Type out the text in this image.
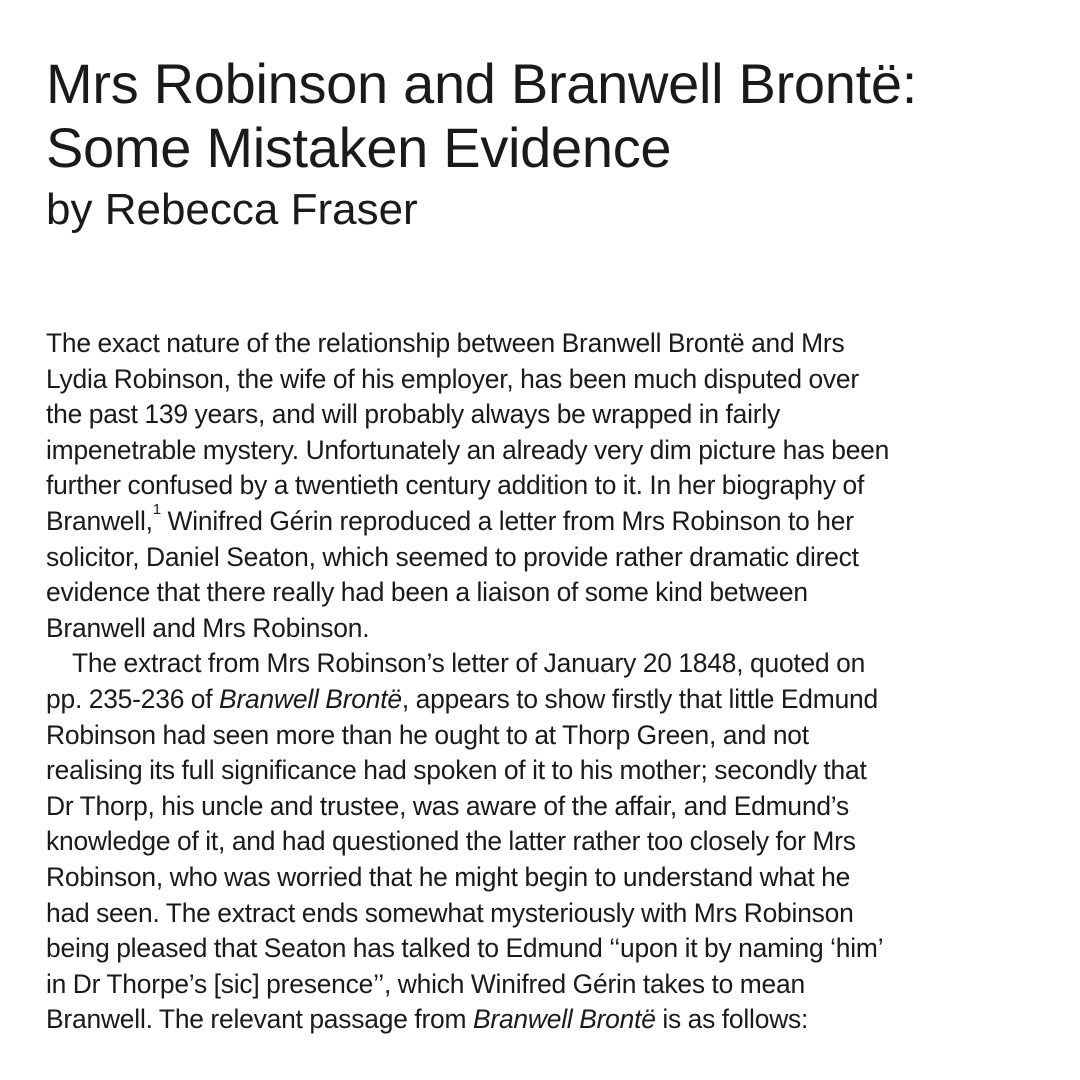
Mrs Robinson and Branwell Brontë:
Some Mistaken Evidence
by Rebecca Fraser
The exact nature of the relationship between Branwell Brontë and Mrs
Lydia Robinson, the wife of his employer, has been much disputed over
the past 139 years, and will probably always be wrapped in fairly
impenetrable mystery. Unfortunately an already very dim picture has been
further confused by a twentieth century addition to it. In her biography of
Branwell,$^1$ Winifred Gérin reproduced a letter from Mrs Robinson to her
solicitor, Daniel Seaton, which seemed to provide rather dramatic direct
evidence that there really had been a liaison of some kind between
Branwell and Mrs Robinson.
The extract from Mrs Robinson’s letter of January 20 1848, quoted on
pp. 235-236 of Branwell Brontë, appears to show firstly that little Edmund
Robinson had seen more than he ought to at Thorp Green, and not
realising its full significance had spoken of it to his mother; secondly that
Dr Thorp, his uncle and trustee, was aware of the affair, and Edmund’s
knowledge of it, and had questioned the latter rather too closely for Mrs
Robinson, who was worried that he might begin to understand what he
had seen. The extract ends somewhat mysteriously with Mrs Robinson
being pleased that Seaton has talked to Edmund ‘‘upon it by naming ‘him’
in Dr Thorpe’s [sic] presence’’, which Winifred Gérin takes to mean
Branwell. The relevant passage from Branwell Brontë is as follows:
